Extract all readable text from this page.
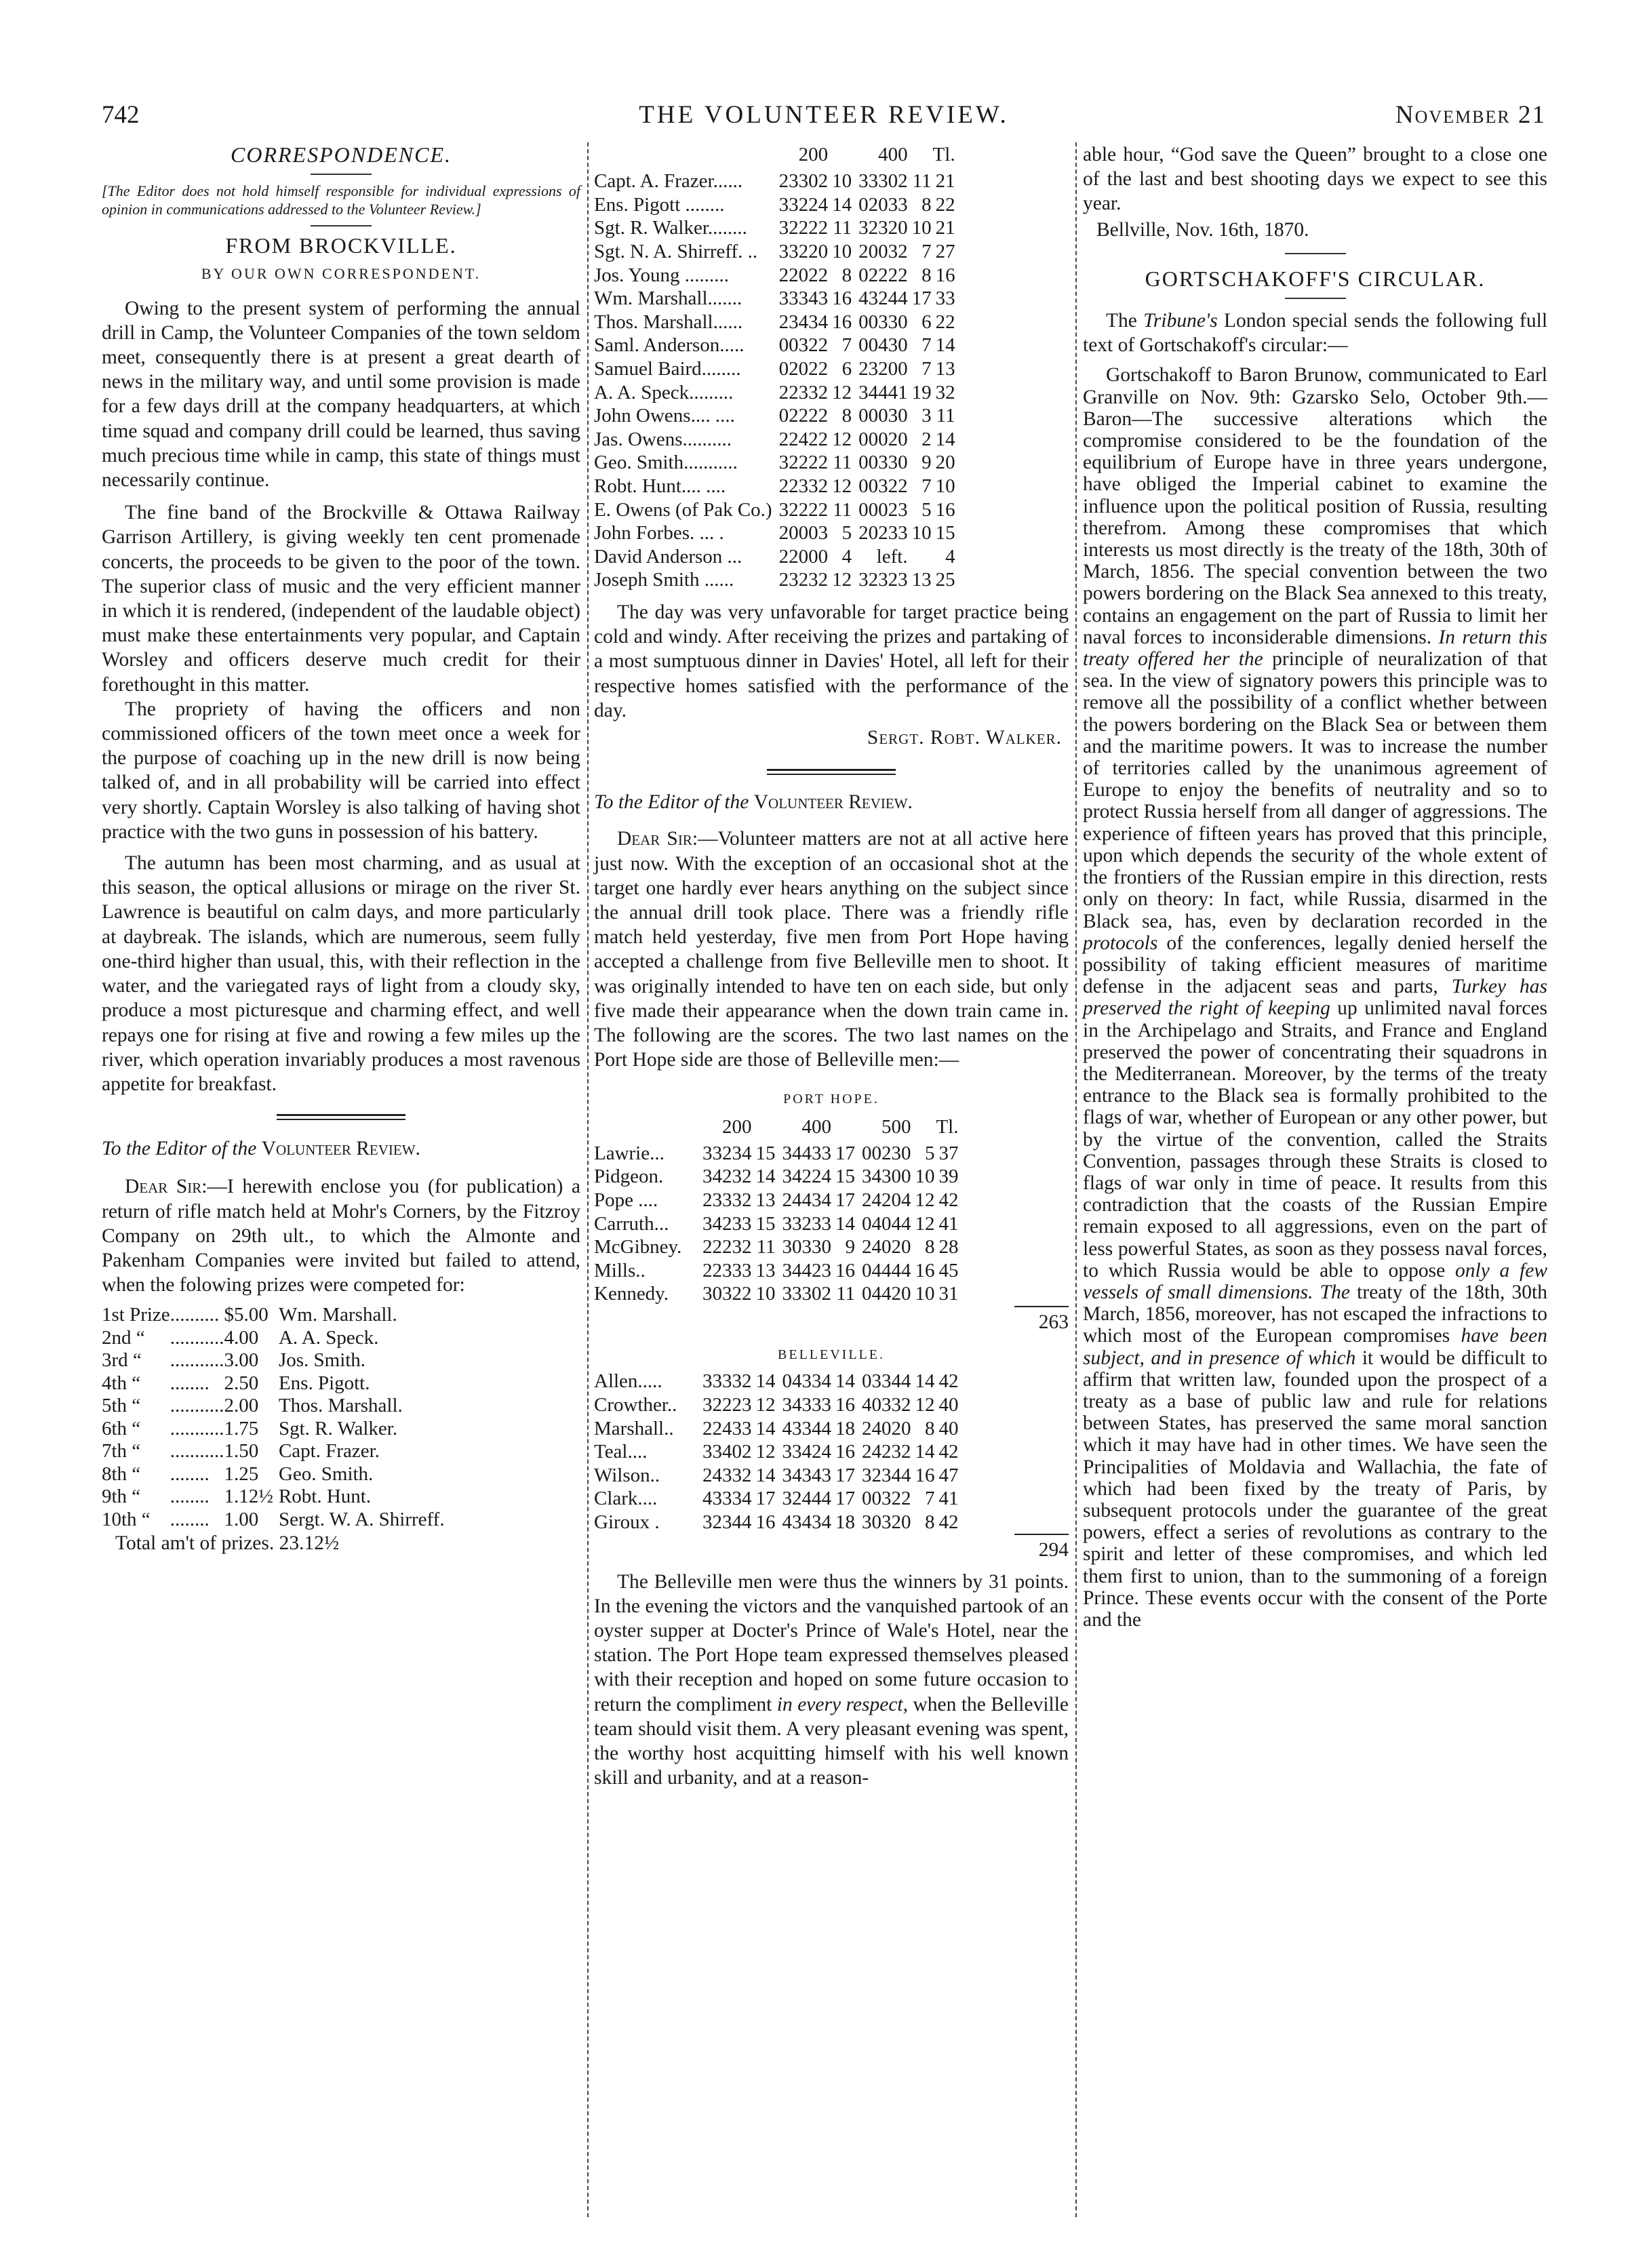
742	THE VOLUNTEER REVIEW.	November 21
CORRESPONDENCE.
[The Editor does not hold himself responsible for individual expressions of opinion in communications addressed to the Volunteer Review.]
FROM BROCKVILLE.
BY OUR OWN CORRESPONDENT.

Owing to the present system of performing the annual drill in Camp, the Volunteer Companies of the town seldom meet, consequently there is at present a great dearth of news in the military way, and until some provision is made for a few days drill at the company headquarters, at which time squad and company drill could be learned, thus saving much precious time while in camp, this state of things must necessarily continue.

The fine band of the Brockville & Ottawa Railway Garrison Artillery, is giving weekly ten cent promenade concerts, the proceeds to be given to the poor of the town. The superior class of music and the very efficient manner in which it is rendered, (independent of the laudable object) must make these entertainments very popular, and Captain Worsley and officers deserve much credit for their forethought in this matter.

The propriety of having the officers and non commissioned officers of the town meet once a week for the purpose of coaching up in the new drill is now being talked of, and in all probability will be carried into effect very shortly. Captain Worsley is also talking of having shot practice with the two guns in possession of his battery.

The autumn has been most charming, and as usual at this season, the optical allusions or mirage on the river St. Lawrence is beautiful on calm days, and more particularly at daybreak. The islands, which are numerous, seem fully one-third higher than usual, this, with their reflection in the water, and the variegated rays of light from a cloudy sky, produce a most picturesque and charming effect, and well repays one for rising at five and rowing a few miles up the river, which operation invariably produces a most ravenous appetite for breakfast.

To the Editor of the Volunteer Review.

Dear Sir:—I herewith enclose you (for publication) a return of rifle match held at Mohr's Corners, by the Fitzroy Company on 29th ult., to which the Almonte and Pakenham Companies were invited but failed to attend, when the folowing prizes were competed for:

1st Prize	..........	$5.00	Wm. Marshall.
2nd “	...........	4.00	A. A. Speck.
3rd “	...........	3.00	Jos. Smith.
4th “	........	2.50	Ens. Pigott.
5th “	...........	2.00	Thos. Marshall.
6th “	...........	1.75	Sgt. R. Walker.
7th “	...........	1.50	Capt. Frazer.
8th “	........	1.25	Geo. Smith.
9th “	........	1.12½	Robt. Hunt.
10th “	........	1.00	Sergt. W. A. Shirreff.

Total am't of prizes. 23.12½

	200		400		Tl.
Capt. A. Frazer......	23302	10	33302	11	21
Ens. Pigott ........	33224	14	02033	8	22
Sgt. R. Walker........	32222	11	32320	10	21
Sgt. N. A. Shirreff. ..	33220	10	20032	7	27
Jos. Young .........	22022	8	02222	8	16
Wm. Marshall.......	33343	16	43244	17	33
Thos. Marshall......	23434	16	00330	6	22
Saml. Anderson.....	00322	7	00430	7	14
Samuel Baird........	02022	6	23200	7	13
A. A. Speck.........	22332	12	34441	19	32
John Owens.... ....	02222	8	00030	3	11
Jas. Owens..........	22422	12	00020	2	14
Geo. Smith...........	32222	11	00330	9	20
Robt. Hunt.... ....	22332	12	00322	7	10
E. Owens (of Pak Co.)	32222	11	00023	5	16
John Forbes. ... .	20003	5	20233	10	15
David Anderson ...	22000	4	left.		4
Joseph Smith ......	23232	12	32323	13	25

The day was very unfavorable for target practice being cold and windy. After receiving the prizes and partaking of a most sumptuous dinner in Davies' Hotel, all left for their respective homes satisfied with the performance of the day.

Sergt. Robt. Walker.

To the Editor of the Volunteer Review.

Dear Sir:—Volunteer matters are not at all active here just now. With the exception of an occasional shot at the target one hardly ever hears anything on the subject since the annual drill took place. There was a friendly rifle match held yesterday, five men from Port Hope having accepted a challenge from five Belleville men to shoot. It was originally intended to have ten on each side, but only five made their appearance when the down train came in. The following are the scores. The two last names on the Port Hope side are those of Belleville men:—

PORT HOPE.
	200		400		500		Tl.
Lawrie...	33234	15	34433	17	00230	5	37
Pidgeon.	34232	14	34224	15	34300	10	39
Pope ....	23332	13	24434	17	24204	12	42
Carruth...	34233	15	33233	14	04044	12	41
McGibney.	22232	11	30330	9	24020	8	28
Mills..	22333	13	34423	16	04444	16	45
Kennedy.	30322	10	33302	11	04420	10	31
263
BELLEVILLE.
Allen.....	33332	14	04334	14	03344	14	42
Crowther..	32223	12	34333	16	40332	12	40
Marshall..	22433	14	43344	18	24020	8	40
Teal....	33402	12	33424	16	24232	14	42
Wilson..	24332	14	34343	17	32344	16	47
Clark....	43334	17	32444	17	00322	7	41
Giroux .	32344	16	43434	18	30320	8	42
294

The Belleville men were thus the winners by 31 points. In the evening the victors and the vanquished partook of an oyster supper at Docter's Prince of Wale's Hotel, near the station. The Port Hope team expressed themselves pleased with their reception and hoped on some future occasion to return the compliment in every respect, when the Belleville team should visit them. A very pleasant evening was spent, the worthy host acquitting himself with his well known skill and urbanity, and at a reason-

able hour, “God save the Queen” brought to a close one of the last and best shooting days we expect to see this year.

Bellville, Nov. 16th, 1870.

GORTSCHAKOFF'S CIRCULAR.

The Tribune's London special sends the following full text of Gortschakoff's circular:—

Gortschakoff to Baron Brunow, communicated to Earl Granville on Nov. 9th: Gzarsko Selo, October 9th.—Baron—The successive alterations which the compromise considered to be the foundation of the equilibrium of Europe have in three years undergone, have obliged the Imperial cabinet to examine the influence upon the political position of Russia, resulting therefrom. Among these compromises that which interests us most directly is the treaty of the 18th, 30th of March, 1856. The special convention between the two powers bordering on the Black Sea annexed to this treaty, contains an engagement on the part of Russia to limit her naval forces to inconsiderable dimensions. In return this treaty offered her the principle of neuralization of that sea. In the view of signatory powers this principle was to remove all the possibility of a conflict whether between the powers bordering on the Black Sea or between them and the maritime powers. It was to increase the number of territories called by the unanimous agreement of Europe to enjoy the benefits of neutrality and so to protect Russia herself from all danger of aggressions. The experience of fifteen years has proved that this principle, upon which depends the security of the whole extent of the frontiers of the Russian empire in this direction, rests only on theory: In fact, while Russia, disarmed in the Black sea, has, even by declaration recorded in the protocols of the conferences, legally denied herself the possibility of taking efficient measures of maritime defense in the adjacent seas and parts, Turkey has preserved the right of keeping up unlimited naval forces in the Archipelago and Straits, and France and England preserved the power of concentrating their squadrons in the Mediterranean. Moreover, by the terms of the treaty entrance to the Black sea is formally prohibited to the flags of war, whether of European or any other power, but by the virtue of the convention, called the Straits Convention, passages through these Straits is closed to flags of war only in time of peace. It results from this contradiction that the coasts of the Russian Empire remain exposed to all aggressions, even on the part of less powerful States, as soon as they possess naval forces, to which Russia would be able to oppose only a few vessels of small dimensions. The treaty of the 18th, 30th March, 1856, moreover, has not escaped the infractions to which most of the European compromises have been subject, and in presence of which it would be difficult to affirm that written law, founded upon the prospect of a treaty as a base of public law and rule for relations between States, has preserved the same moral sanction which it may have had in other times. We have seen the Principalities of Moldavia and Wallachia, the fate of which had been fixed by the treaty of Paris, by subsequent protocols under the guarantee of the great powers, effect a series of revolutions as contrary to the spirit and letter of these compromises, and which led them first to union, than to the summoning of a foreign Prince. These events occur with the consent of the Porte and the
